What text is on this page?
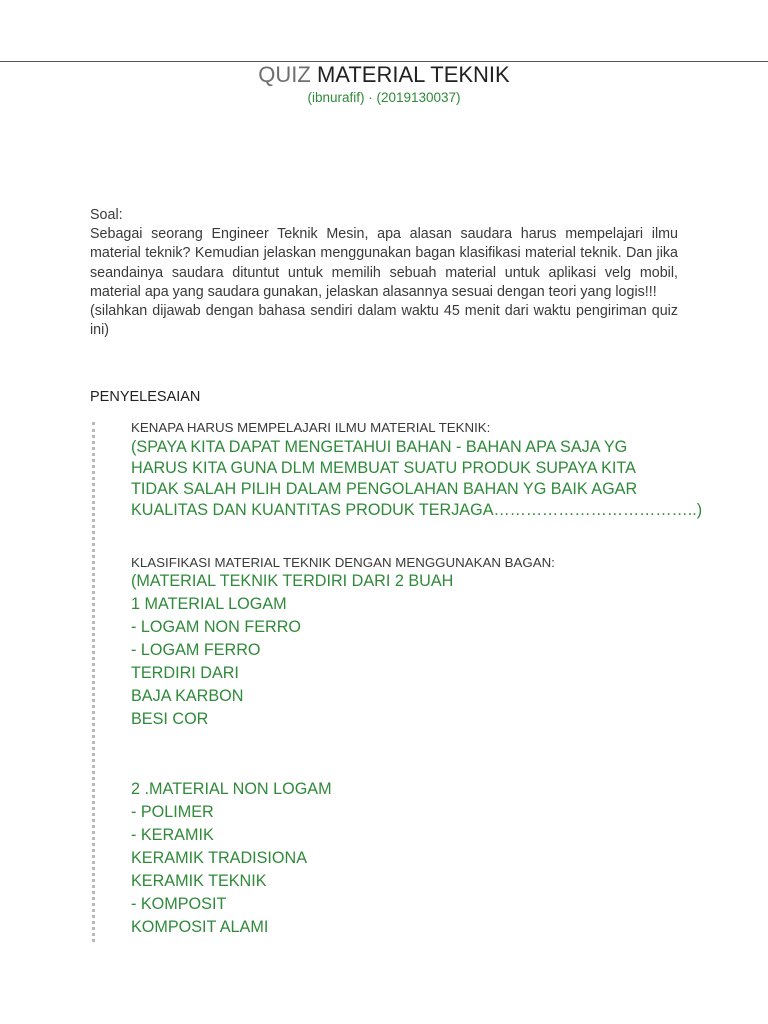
QUIZ MATERIAL TEKNIK
(ibnurafif) · (2019130037)

Soal:

Sebagai seorang Engineer Teknik Mesin, apa alasan saudara harus mempelajari ilmu material teknik? Kemudian jelaskan menggunakan bagan klasifikasi material teknik. Dan jika seandainya saudara dituntut untuk memilih sebuah material untuk aplikasi velg mobil, material apa yang saudara gunakan, jelaskan alasannya sesuai dengan teori yang logis!!!

(silahkan dijawab dengan bahasa sendiri dalam waktu 45 menit dari waktu pengiriman quiz ini)

PENYELESAIAN
KENAPA HARUS MEMPELAJARI ILMU MATERIAL TEKNIK:
(SPAYA KITA DAPAT MENGETAHUI BAHAN - BAHAN APA SAJA YG
HARUS KITA GUNA DLM MEMBUAT SUATU PRODUK SUPAYA KITA
TIDAK SALAH PILIH DALAM PENGOLAHAN BAHAN YG BAIK AGAR
KUALITAS DAN KUANTITAS PRODUK TERJAGA………………………………..)
KLASIFIKASI MATERIAL TEKNIK DENGAN MENGGUNAKAN BAGAN:
(MATERIAL TEKNIK TERDIRI DARI 2 BUAH
1 MATERIAL LOGAM
- LOGAM NON FERRO
- LOGAM FERRO
TERDIRI DARI
BAJA KARBON
BESI COR
2 .MATERIAL NON LOGAM
- POLIMER
- KERAMIK
KERAMIK TRADISIONA
KERAMIK TEKNIK
- KOMPOSIT
KOMPOSIT ALAMI
